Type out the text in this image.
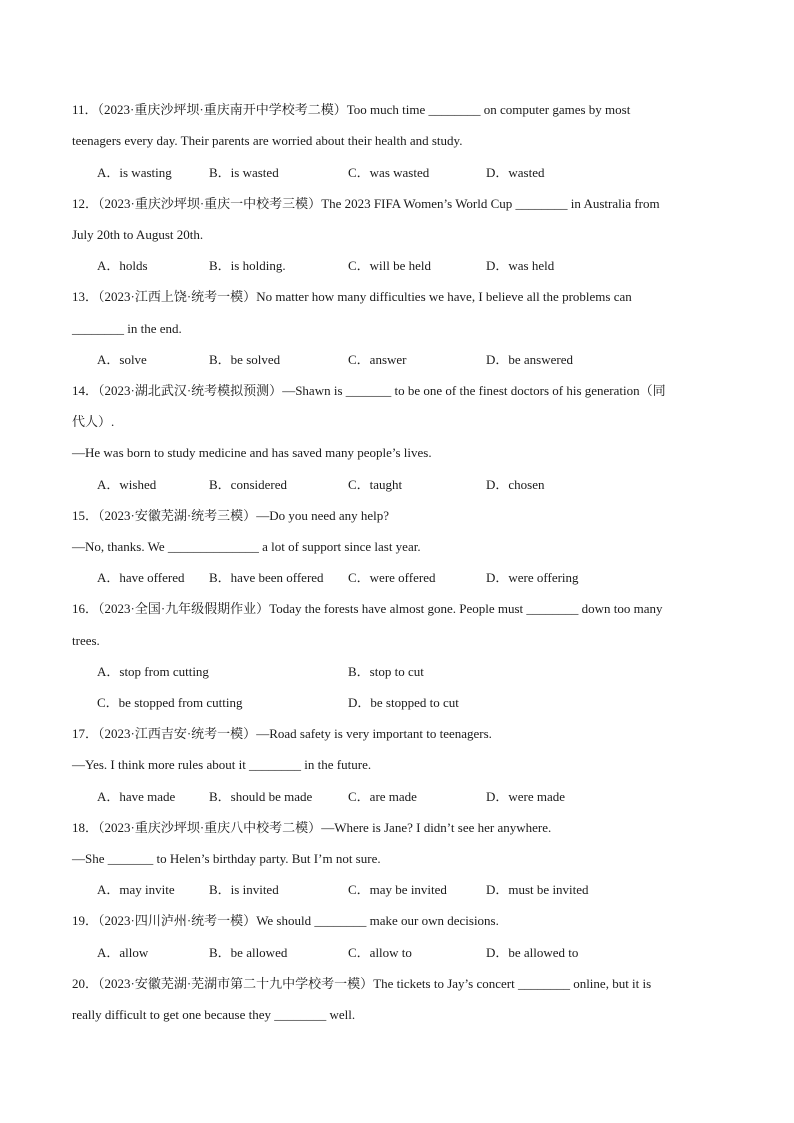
11．（2023·重庆沙坪坝·重庆南开中学校考二模）Too much time ________ on computer games by most
teenagers every day. Their parents are worried about their health and study.
A．is wasting	B．is wasted	C．was wasted	D．wasted
12．（2023·重庆沙坪坝·重庆一中校考三模）The 2023 FIFA Women’s World Cup ________ in Australia from
July 20th to August 20th.
A．holds	B．is holding.	C．will be held	D．was held
13．（2023·江西上饶·统考一模）No matter how many difficulties we have, I believe all the problems can
________ in the end.
A．solve	B．be solved	C．answer	D．be answered
14．（2023·湖北武汉·统考模拟预测）—Shawn is _______ to be one of the finest doctors of his generation（同
代人）.
—He was born to study medicine and has saved many people’s lives.
A．wished	B．considered	C．taught	D．chosen
15．（2023·安徽芜湖·统考三模）—Do you need any help?
—No, thanks. We ______________ a lot of support since last year.
A．have offered B．have been offered C．were offered	D．were offering
16．（2023·全国·九年级假期作业）Today the forests have almost gone. People must ________ down too many
trees.
A．stop from cutting	B．stop to cut
C．be stopped from cutting	D．be stopped to cut
17．（2023·江西吉安·统考一模）—Road safety is very important to teenagers.
—Yes. I think more rules about it ________ in the future.
A．have made	B．should be made	C．are made	D．were made
18．（2023·重庆沙坪坝·重庆八中校考二模）—Where is Jane? I didn’t see her anywhere.
—She _______ to Helen’s birthday party. But I’m not sure.
A．may invite	B．is invited	C．may be invited	D．must be invited
19．（2023·四川泸州·统考一模）We should ________ make our own decisions.
A．allow	B．be allowed	C．allow to	D．be allowed to
20．（2023·安徽芜湖·芜湖市第二十九中学校考一模）The tickets to Jay’s concert ________ online, but it is
really difficult to get one because they ________ well.
